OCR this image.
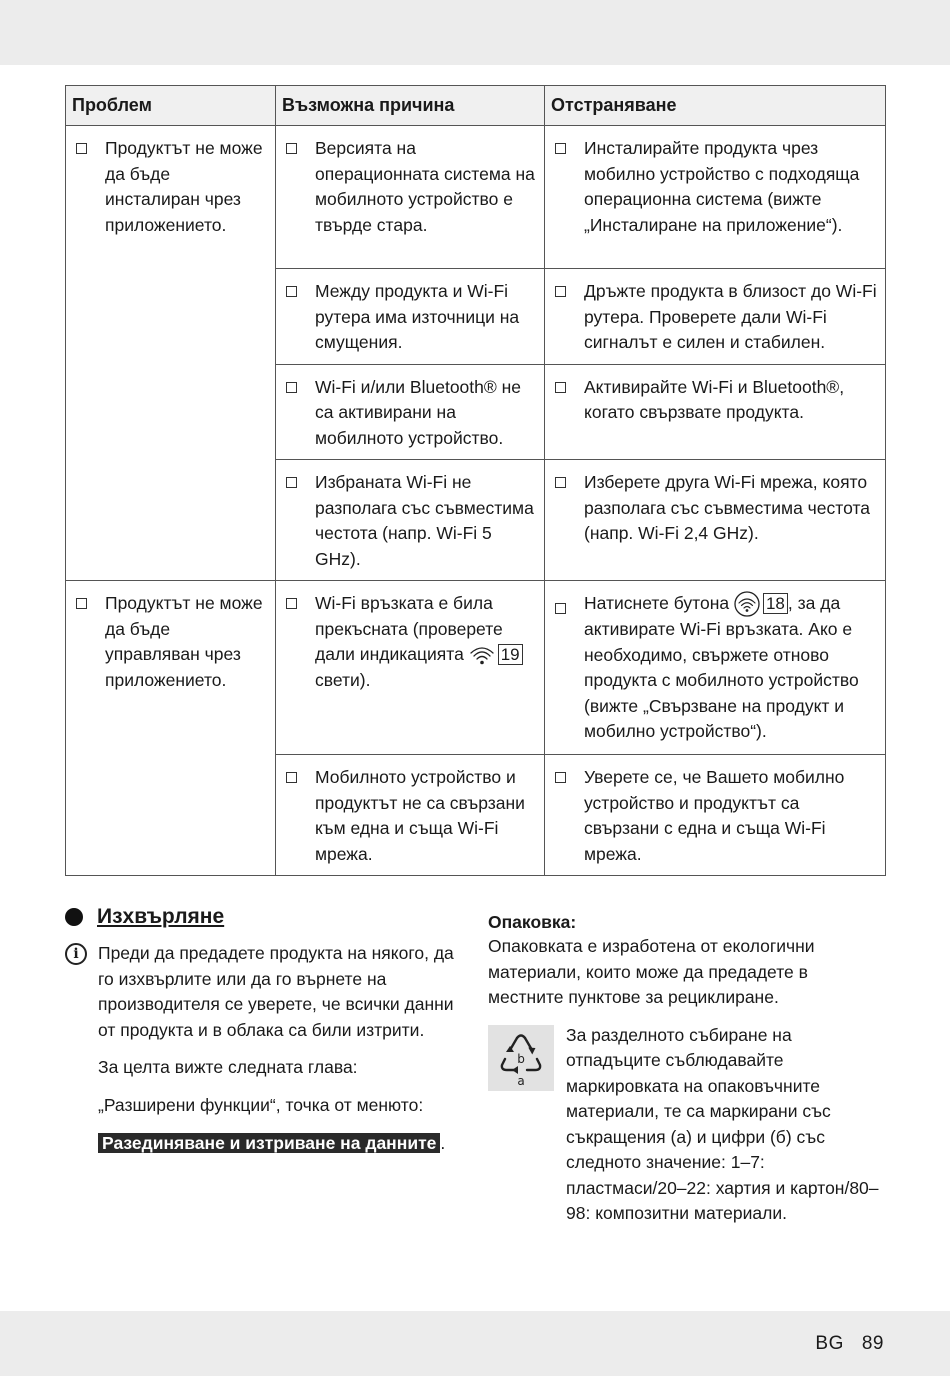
Проблем	Възможна причина	Отстраняване

Продуктът не може да бъде инсталиран чрез приложението.	Версията на операционната система на мобилното устройство е твърде стара.	Инсталирайте продукта чрез мобилно устройство с подходяща операционна система (вижте „Инсталиране на приложение“).

	Между продукта и Wi-Fi рутера има източници на смущения.	Дръжте продукта в близост до Wi-Fi рутера. Проверете дали Wi-Fi сигналът е силен и стабилен.

	Wi-Fi и/или Bluetooth® не са активирани на мобилното устройство.	Активирайте Wi-Fi и Bluetooth®, когато свързвате продукта.

	Избраната Wi-Fi не разполага със съвместима честота (напр. Wi-Fi 5 GHz).	Изберете друга Wi-Fi мрежа, която разполага със съвместима честота (напр. Wi-Fi 2,4 GHz).

Продуктът не може да бъде управляван чрез приложението.	Wi-Fi връзката е била прекъсната (проверете дали индикацията 19 свети).	Натиснете бутона 18 , за да активирате Wi-Fi връзката. Ако е необходимо, свържете отново продукта с мобилното устройство (вижте „Свързване на продукт и мобилно устройство“).

	Мобилното устройство и продуктът не са свързани към една и съща Wi-Fi мрежа.	Уверете се, че Вашето мобилно устройство и продуктът са свързани с една и съща Wi-Fi мрежа.
Изхвърляне
i	Преди да предадете продукта на някого, да го изхвърлите или да го върнете на производителя се уверете, че всички данни от продукта и в облака са били изтрити.
За целта вижте следната глава:
„Разширени функции“, точка от менюто:
Разединяване и изтриване на данните .
Опаковка:
Опаковката е изработена от екологични материали, които може да предадете в местните пунктове за рециклиране.
b
a
За разделното събиране на отпадъците съблюдавайте маркировката на опаковъчните материали, те са маркирани със съкращения (а) и цифри (б) със следното значение: 1–7: пластмаси/20–22: хартия и картон/80–98: композитни материали.
BG 89
